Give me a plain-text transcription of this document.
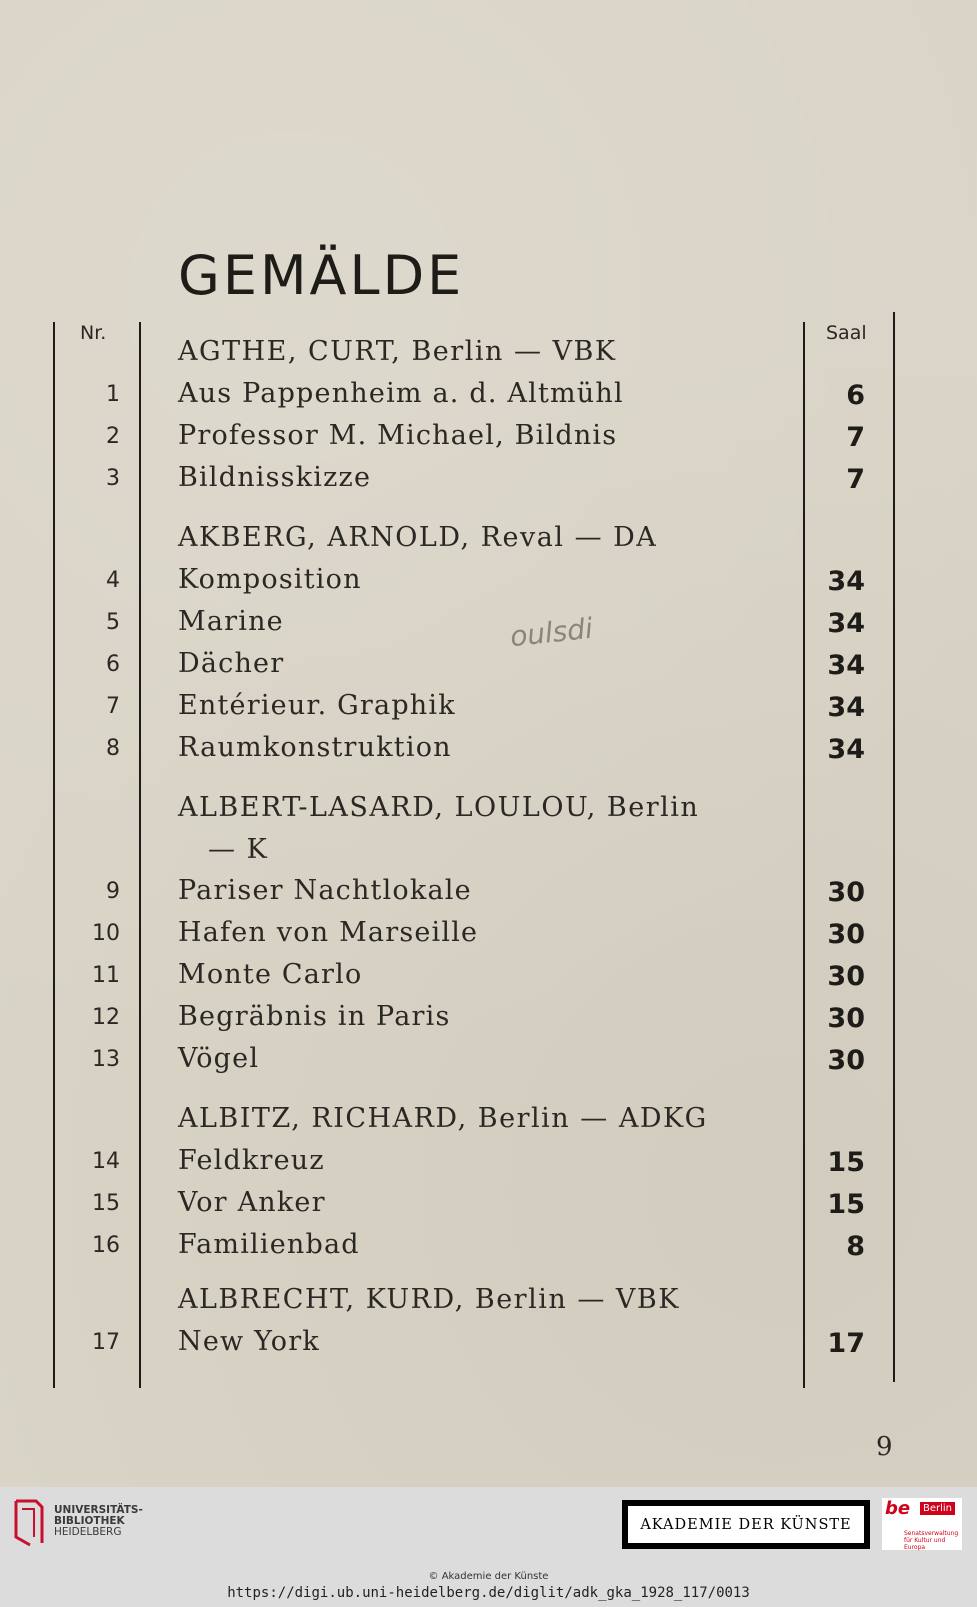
GEMÄLDE
Nr.	Saal
AGTHE, CURT, Berlin — VBK
1 Aus Pappenheim a. d. Altmühl	6
2 Professor M. Michael, Bildnis	7
3 Bildnisskizze	7
AKBERG, ARNOLD, Reval — DA
4 Komposition	34
5 Marine	34
6 Dächer	34
7 Entérieur. Graphik	34
8 Raumkonstruktion	34
ALBERT-LASARD, LOULOU, Berlin
— K
9 Pariser Nachtlokale	30
10 Hafen von Marseille	30
11 Monte Carlo	30
12 Begräbnis in Paris	30
13 Vögel	30
ALBITZ, RICHARD, Berlin — ADKG
14 Feldkreuz	15
15 Vor Anker	15
16 Familienbad	8
ALBRECHT, KURD, Berlin — VBK
17 New York	17
oulsdi
9
UNIVERSITÄTS-
BIBLIOTHEK
HEIDELBERG	AKADEMIE DER KÜNSTE
be	Berlin
Senatsverwaltung
für Kultur und Europa
© Akademie der Künste
https://digi.ub.uni-heidelberg.de/diglit/adk_gka_1928_117/0013
